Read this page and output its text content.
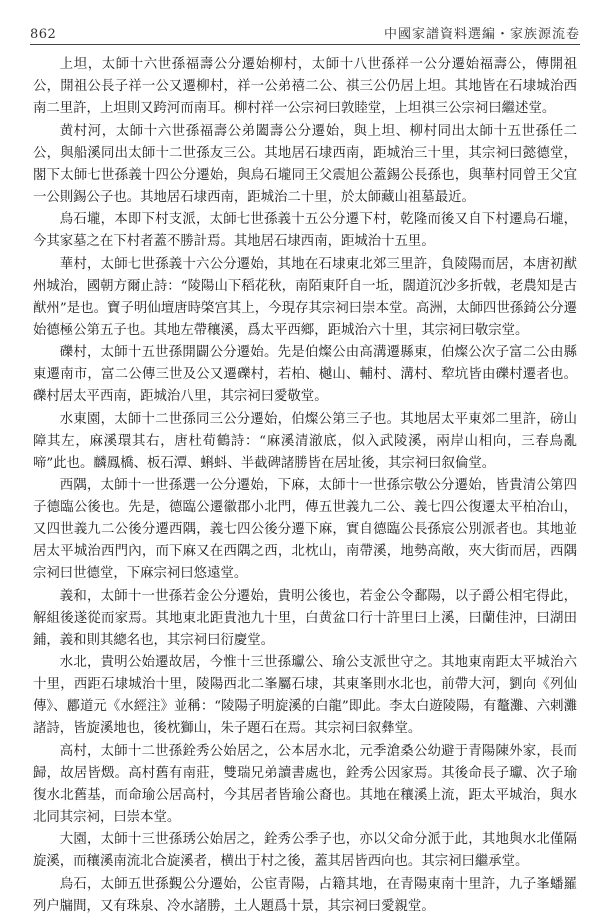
862	中國家譜資料選編・家族源流卷

上坦，太師十六世孫福壽公分遷始柳村，太師十八世孫祥一公分遷始福壽公，傳開祖公，開祖公長子祥一公又遷柳村，祥一公弟禧二公、祺三公仍居上坦。其地皆在石埭城治西南二里許，上坦則又跨河而南耳。柳村祥一公宗祠曰敦睦堂，上坦祺三公宗祠曰繼述堂。

黄村河，太師十六世孫福壽公弟闔壽公分遷始，與上坦、柳村同出太師十五世孫任二公，與船溪同出太師十二世孫友三公。其地居石埭西南，距城治三十里，其宗祠曰懿德堂，閣下太師七世孫義十四公分遷始，與烏石壠同王父震旭公蓋錫公長孫也，與華村同曾王父宜一公則錫公子也。其地居石埭西南，距城治二十里，於太師藏山祖墓最近。

烏石壠，本即下村支派，太師七世孫義十五公分遷下村，乾隆而後又自下村遷烏石壠，今其家墓之在下村者蓋不勝計焉。其地居石埭西南，距城治十五里。

華村，太師七世孫義十六公分遷始，其地在石埭東北郊三里許，負陵陽而居，本唐初猷州城治，國朝方爾止詩：“陵陽山下稻花秋，南陌東阡自一坵，闊道沉沙多折戟，老農知是古猷州”是也。寶子明仙壇唐時棨宫其上，今現存其宗祠曰崇本堂。高洲，太師四世孫錡公分遷始德極公第五子也。其地左帶穰溪，爲太平西鄉，距城治六十里，其宗祠曰敬宗堂。

礫村，太師十五世孫開闢公分遷始。先是伯燦公由高溝遷縣東，伯燦公次子富二公由縣東遷南市，富二公傳三世及公又遷礫村，若柏、樾山、輔村、溝村、犂坑皆由礫村遷者也。礫村居太平西南，距城治八里，其宗祠曰愛敬堂。

水東園，太師十二世孫同三公分遷始，伯燦公第三子也。其地居太平東郊二里許，磅山障其左，麻溪環其右，唐杜荀鶴詩：“麻溪清澈底，似入武陵溪，兩岸山相向，三春鳥亂啼”此也。麟鳳橋、板石潭、蝌蚪、半截碑諸勝皆在居址後，其宗祠曰叙倫堂。

西隅，太師十一世孫選一公分遷始，下麻，太師十一世孫宗敬公分遷始，皆貴清公第四子德臨公後也。先是，德臨公遷徽郡小北門，傳五世義九二公、義七四公復遷太平柏冶山，又四世義九二公後分遷西隅，義七四公後分遷下麻，實自德臨公長孫宸公別派者也。其地並居太平城治西門內，而下麻又在西隅之西，北枕山，南帶溪，地勢高敞，夾大街而居，西隅宗祠曰世德堂，下麻宗祠曰悠遠堂。

義和，太師十一世孫若金公分遷始，貴明公後也，若金公令鄱陽，以子爵公相宅得此，解組後遂從而家焉。其地東北距貴池九十里，白黄盆口行十許里曰上溪，曰蘭佳沖，曰湖田鋪，義和則其總名也，其宗祠曰衍慶堂。

水北，貴明公始遷故居，今惟十三世孫瓛公、瑜公支派世守之。其地東南距太平城治六十里，西距石埭城治十里，陵陽西北二峯屬石埭，其東峯則水北也，前帶大河，劉向《列仙傳》、酈道元《水經注》並稱：“陵陽子明旋溪的白龍”即此。李太白遊陵陽，有鼇灘、六剌灘諸詩，皆旋溪地也，後枕獅山，朱子題石在焉。其宗祠曰叙彝堂。

高村，太師十二世孫銓秀公始居之，公本居水北，元季滄桑公幼避于青陽陳外家，長而歸，故居皆燬。高村舊有南莊，雙瑞兄弟讀書處也，銓秀公因家焉。其後命長子瓛、次子瑜復水北舊基，而命瑜公居高村，今其居者皆瑜公裔也。其地在穰溪上流，距太平城治，與水北同其宗祠，曰崇本堂。

大園，太師十三世孫琇公始居之，銓秀公季子也，亦以父命分派于此，其地與水北僅隔旋溪，而穰溪南流北合旋溪者，横出于村之後，蓋其居皆西向也。其宗祠曰繼承堂。

烏石，太師五世孫覲公分遷始，公宦青陽，占籍其地，在青陽東南十里許，九子峯蟠羅列户牖間，又有珠泉、冷水諸勝，土人題爲十景，其宗祠曰愛親堂。
